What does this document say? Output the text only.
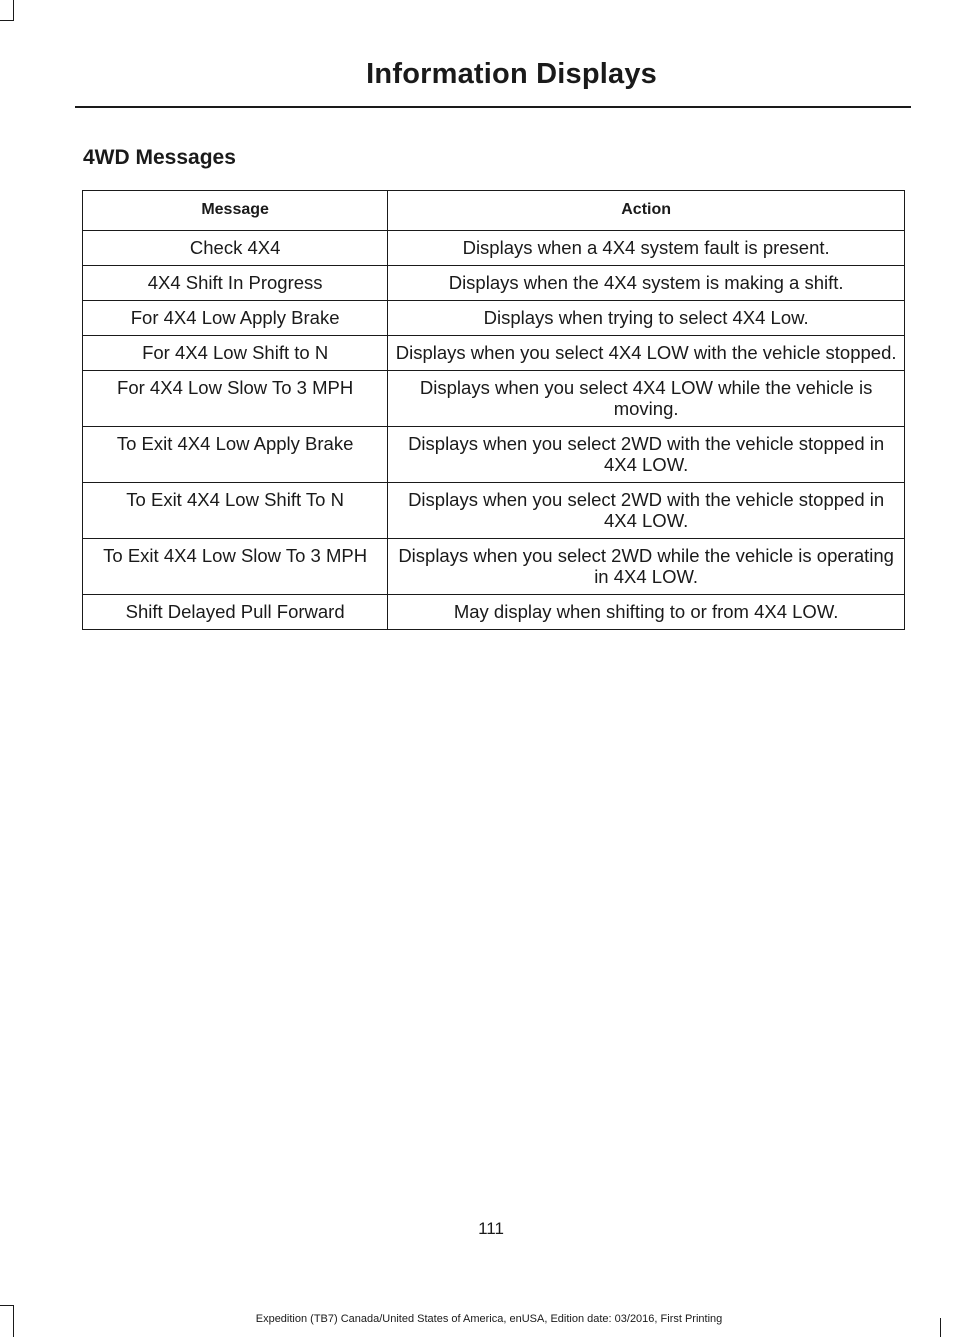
Information Displays
4WD Messages
Message	Action
Check 4X4	Displays when a 4X4 system fault is present.
4X4 Shift In Progress	Displays when the 4X4 system is making a shift.
For 4X4 Low Apply Brake	Displays when trying to select 4X4 Low.
For 4X4 Low Shift to N	Displays when you select 4X4 LOW with the vehicle stopped.
For 4X4 Low Slow To 3 MPH	Displays when you select 4X4 LOW while the vehicle is moving.
To Exit 4X4 Low Apply Brake	Displays when you select 2WD with the vehicle stopped in 4X4 LOW.
To Exit 4X4 Low Shift To N	Displays when you select 2WD with the vehicle stopped in 4X4 LOW.
To Exit 4X4 Low Slow To 3 MPH	Displays when you select 2WD while the vehicle is operating in 4X4 LOW.
Shift Delayed Pull Forward	May display when shifting to or from 4X4 LOW.
111
Expedition (TB7) Canada/United States of America, enUSA, Edition date: 03/2016, First Printing
